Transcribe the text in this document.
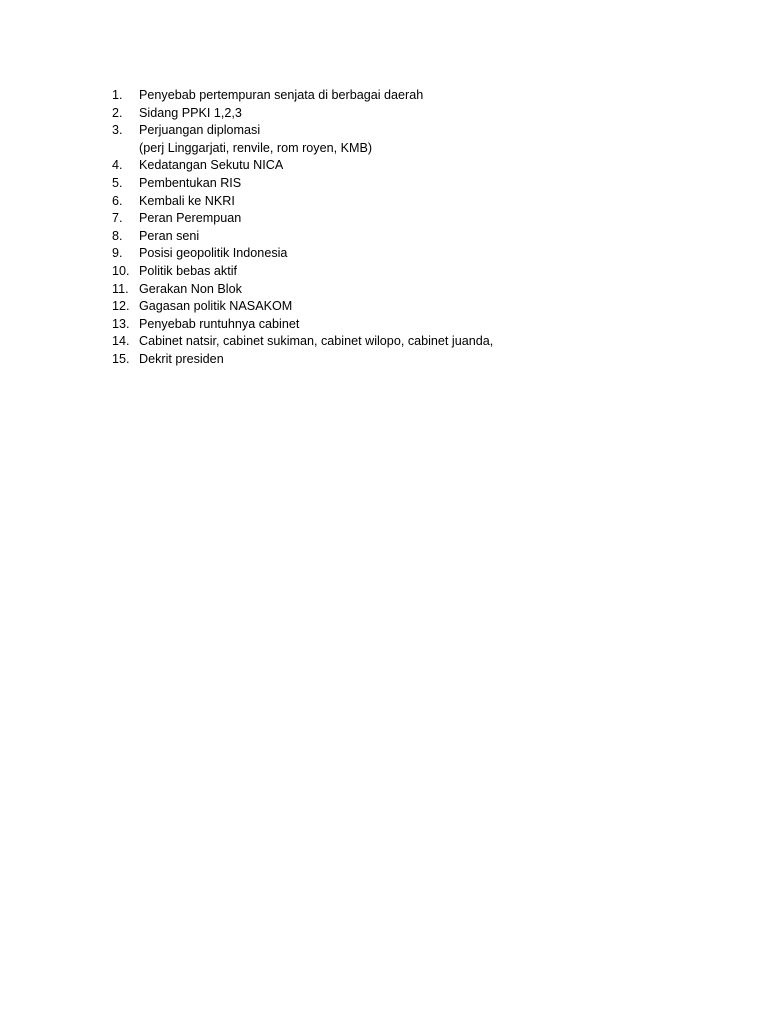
1.	Penyebab pertempuran senjata di berbagai daerah
2.	Sidang PPKI 1,2,3
3.	Perjuangan diplomasi
(perj Linggarjati, renvile, rom royen, KMB)
4.	Kedatangan Sekutu NICA
5.	Pembentukan RIS
6.	Kembali ke NKRI
7.	Peran Perempuan
8.	Peran seni
9.	Posisi geopolitik Indonesia
10. Politik bebas aktif
11. Gerakan Non Blok
12. Gagasan politik NASAKOM
13. Penyebab runtuhnya cabinet
14. Cabinet natsir, cabinet sukiman, cabinet wilopo, cabinet juanda,
15. Dekrit presiden
